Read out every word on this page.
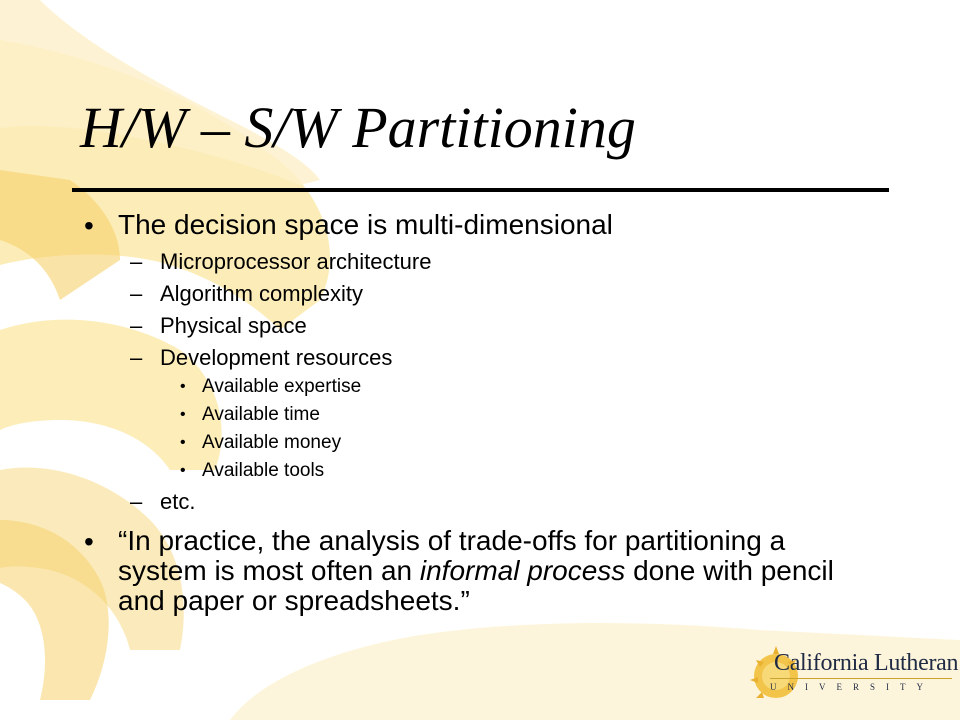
H/W – S/W Partitioning
• The decision space is multi-dimensional
– Microprocessor architecture
– Algorithm complexity
– Physical space
– Development resources
• Available expertise
• Available time
• Available money
• Available tools
– etc.
• “In practice, the analysis of trade-offs for partitioning a system is most often an informal process done with pencil and paper or spreadsheets.”
California Lutheran
UNIVERSITY
